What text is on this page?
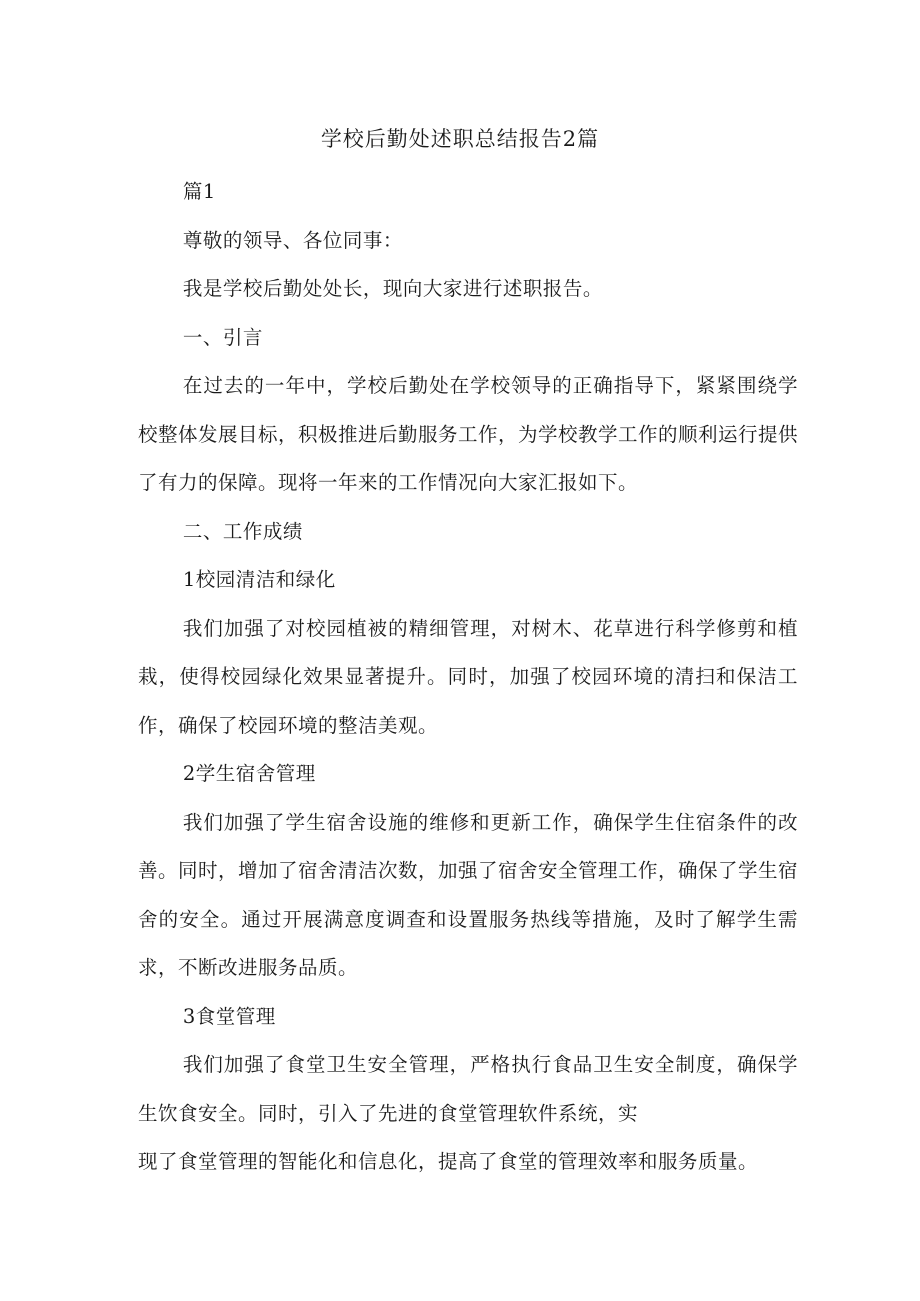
学校后勤处述职总结报告2篇

篇1

尊敬的领导、各位同事：

我是学校后勤处处长，现向大家进行述职报告。

一、引言

在过去的一年中，学校后勤处在学校领导的正确指导下，紧紧围绕学校整体发展目标，积极推进后勤服务工作，为学校教学工作的顺利运行提供了有力的保障。现将一年来的工作情况向大家汇报如下。

二、工作成绩

1校园清洁和绿化

我们加强了对校园植被的精细管理，对树木、花草进行科学修剪和植栽，使得校园绿化效果显著提升。同时，加强了校园环境的清扫和保洁工作，确保了校园环境的整洁美观。

2学生宿舍管理

我们加强了学生宿舍设施的维修和更新工作，确保学生住宿条件的改善。同时，增加了宿舍清洁次数，加强了宿舍安全管理工作，确保了学生宿舍的安全。通过开展满意度调查和设置服务热线等措施，及时了解学生需求，不断改进服务品质。

3食堂管理

我们加强了食堂卫生安全管理，严格执行食品卫生安全制度，确保学生饮食安全。同时，引入了先进的食堂管理软件系统，实

现了食堂管理的智能化和信息化，提高了食堂的管理效率和服务质量。
